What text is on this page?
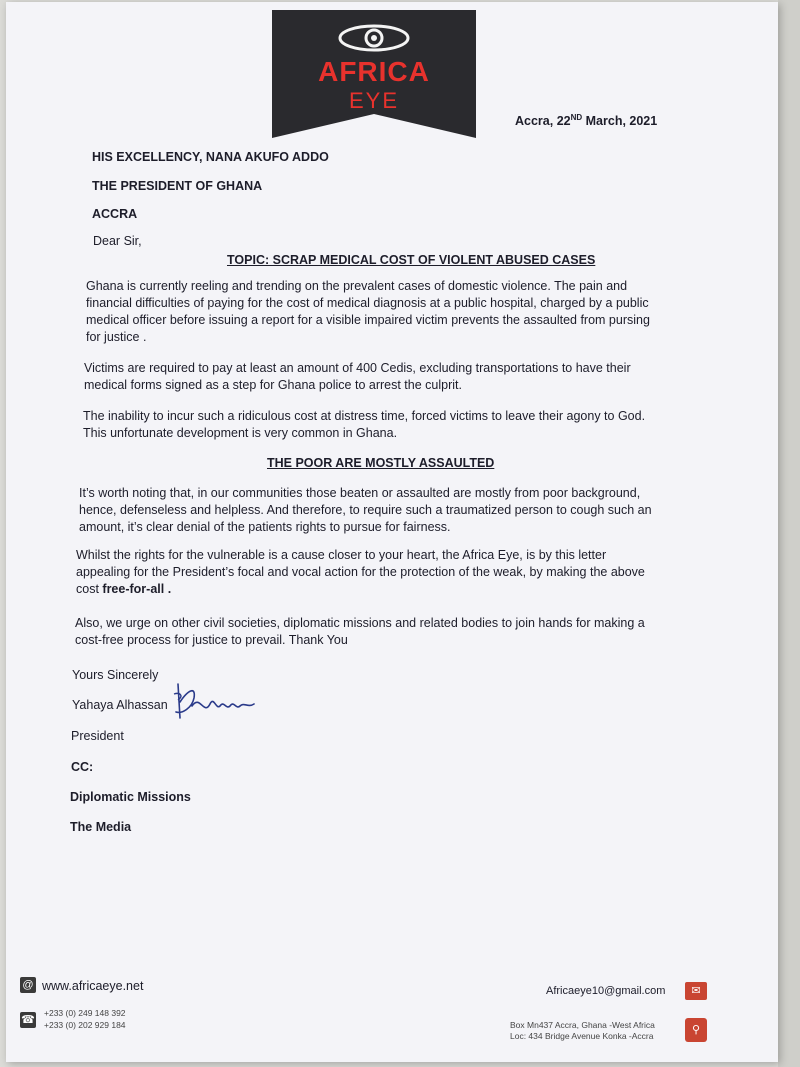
AFRICA
EYE
Accra, 22ND March, 2021
HIS EXCELLENCY, NANA AKUFO ADDO
THE PRESIDENT OF GHANA
ACCRA
Dear Sir,
TOPIC: SCRAP MEDICAL COST OF VIOLENT ABUSED CASES
Ghana is currently reeling and trending on the prevalent cases of domestic violence. The pain and
financial difficulties of paying for the cost of medical diagnosis at a public hospital, charged by a public
medical officer before issuing a report for a visible impaired victim prevents the assaulted from pursing
for justice .
Victims are required to pay at least an amount of 400 Cedis, excluding transportations to have their
medical forms signed as a step for Ghana police to arrest the culprit.
The inability to incur such a ridiculous cost at distress time, forced victims to leave their agony to God.
This unfortunate development is very common in Ghana.
THE POOR ARE MOSTLY ASSAULTED
It’s worth noting that, in our communities those beaten or assaulted are mostly from poor background,
hence, defenseless and helpless. And therefore, to require such a traumatized person to cough such an
amount, it’s clear denial of the patients rights to pursue for fairness.
Whilst the rights for the vulnerable is a cause closer to your heart, the Africa Eye, is by this letter
appealing for the President’s focal and vocal action for the protection of the weak, by making the above
cost free-for-all .
Also, we urge on other civil societies, diplomatic missions and related bodies to join hands for making a
cost-free process for justice to prevail. Thank You
Yours Sincerely
Yahaya Alhassan
President
CC:
Diplomatic Missions
The Media
@ www.africaeye.net
☎
+233 (0) 249 148 392
+233 (0) 202 929 184
Africaeye10@gmail.com	✉
Box Mn437 Accra, Ghana -West Africa
Loc: 434 Bridge Avenue Konka -Accra	⚲
